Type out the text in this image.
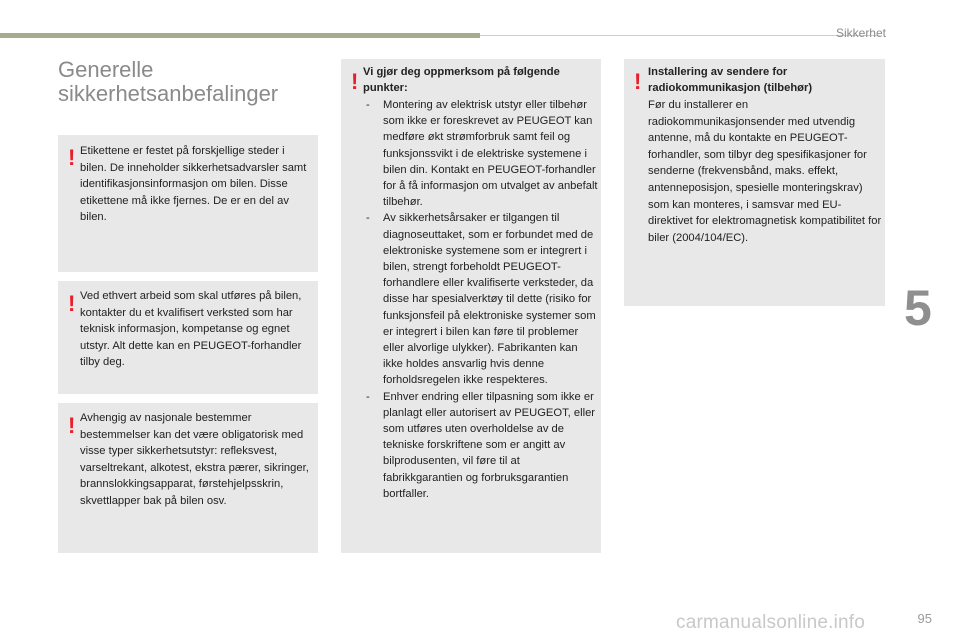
Sikkerhet
Generelle
sikkerhetsanbefalinger
! Etikettene er festet på forskjellige steder i bilen. De inneholder sikkerhetsadvarsler samt identifikasjonsinformasjon om bilen. Disse etikettene må ikke fjernes. De er en del av bilen.

! Ved ethvert arbeid som skal utføres på bilen, kontakter du et kvalifisert verksted som har teknisk informasjon, kompetanse og egnet utstyr. Alt dette kan en PEUGEOT-forhandler tilby deg.

! Avhengig av nasjonale bestemmer bestemmelser kan det være obligatorisk med visse typer sikkerhetsutstyr: refleksvest, varseltrekant, alkotest, ekstra pærer, sikringer, brannslokkingsapparat, førstehjelpsskrin, skvettlapper bak på bilen osv.

! Vi gjør deg oppmerksom på følgende punkter:

- Montering av elektrisk utstyr eller tilbehør som ikke er foreskrevet av PEUGEOT kan medføre økt strømforbruk samt feil og funksjonssvikt i de elektriske systemene i bilen din. Kontakt en PEUGEOT-forhandler for å få informasjon om utvalget av anbefalt tilbehør.
- Av sikkerhetsårsaker er tilgangen til diagnoseuttaket, som er forbundet med de elektroniske systemene som er integrert i bilen, strengt forbeholdt PEUGEOT-forhandlere eller kvalifiserte verksteder, da disse har spesialverktøy til dette (risiko for funksjonsfeil på elektroniske systemer som er integrert i bilen kan føre til problemer eller alvorlige ulykker). Fabrikanten kan ikke holdes ansvarlig hvis denne forholdsregelen ikke respekteres.
- Enhver endring eller tilpasning som ikke er planlagt eller autorisert av PEUGEOT, eller som utføres uten overholdelse av de tekniske forskriftene som er angitt av bilprodusenten, vil føre til at fabrikkgarantien og forbruksgarantien bortfaller.
! Installering av sendere for radiokommunikasjon (tilbehør)

Før du installerer en radiokommunikasjonsender med utvendig antenne, må du kontakte en PEUGEOT-forhandler, som tilbyr deg spesifikasjoner for senderne (frekvensbånd, maks. effekt, antenneposisjon, spesielle monteringskrav) som kan monteres, i samsvar med EU-direktivet for elektromagnetisk kompatibilitet for biler (2004/104/EC).

5
carmanualsonline.info	95
